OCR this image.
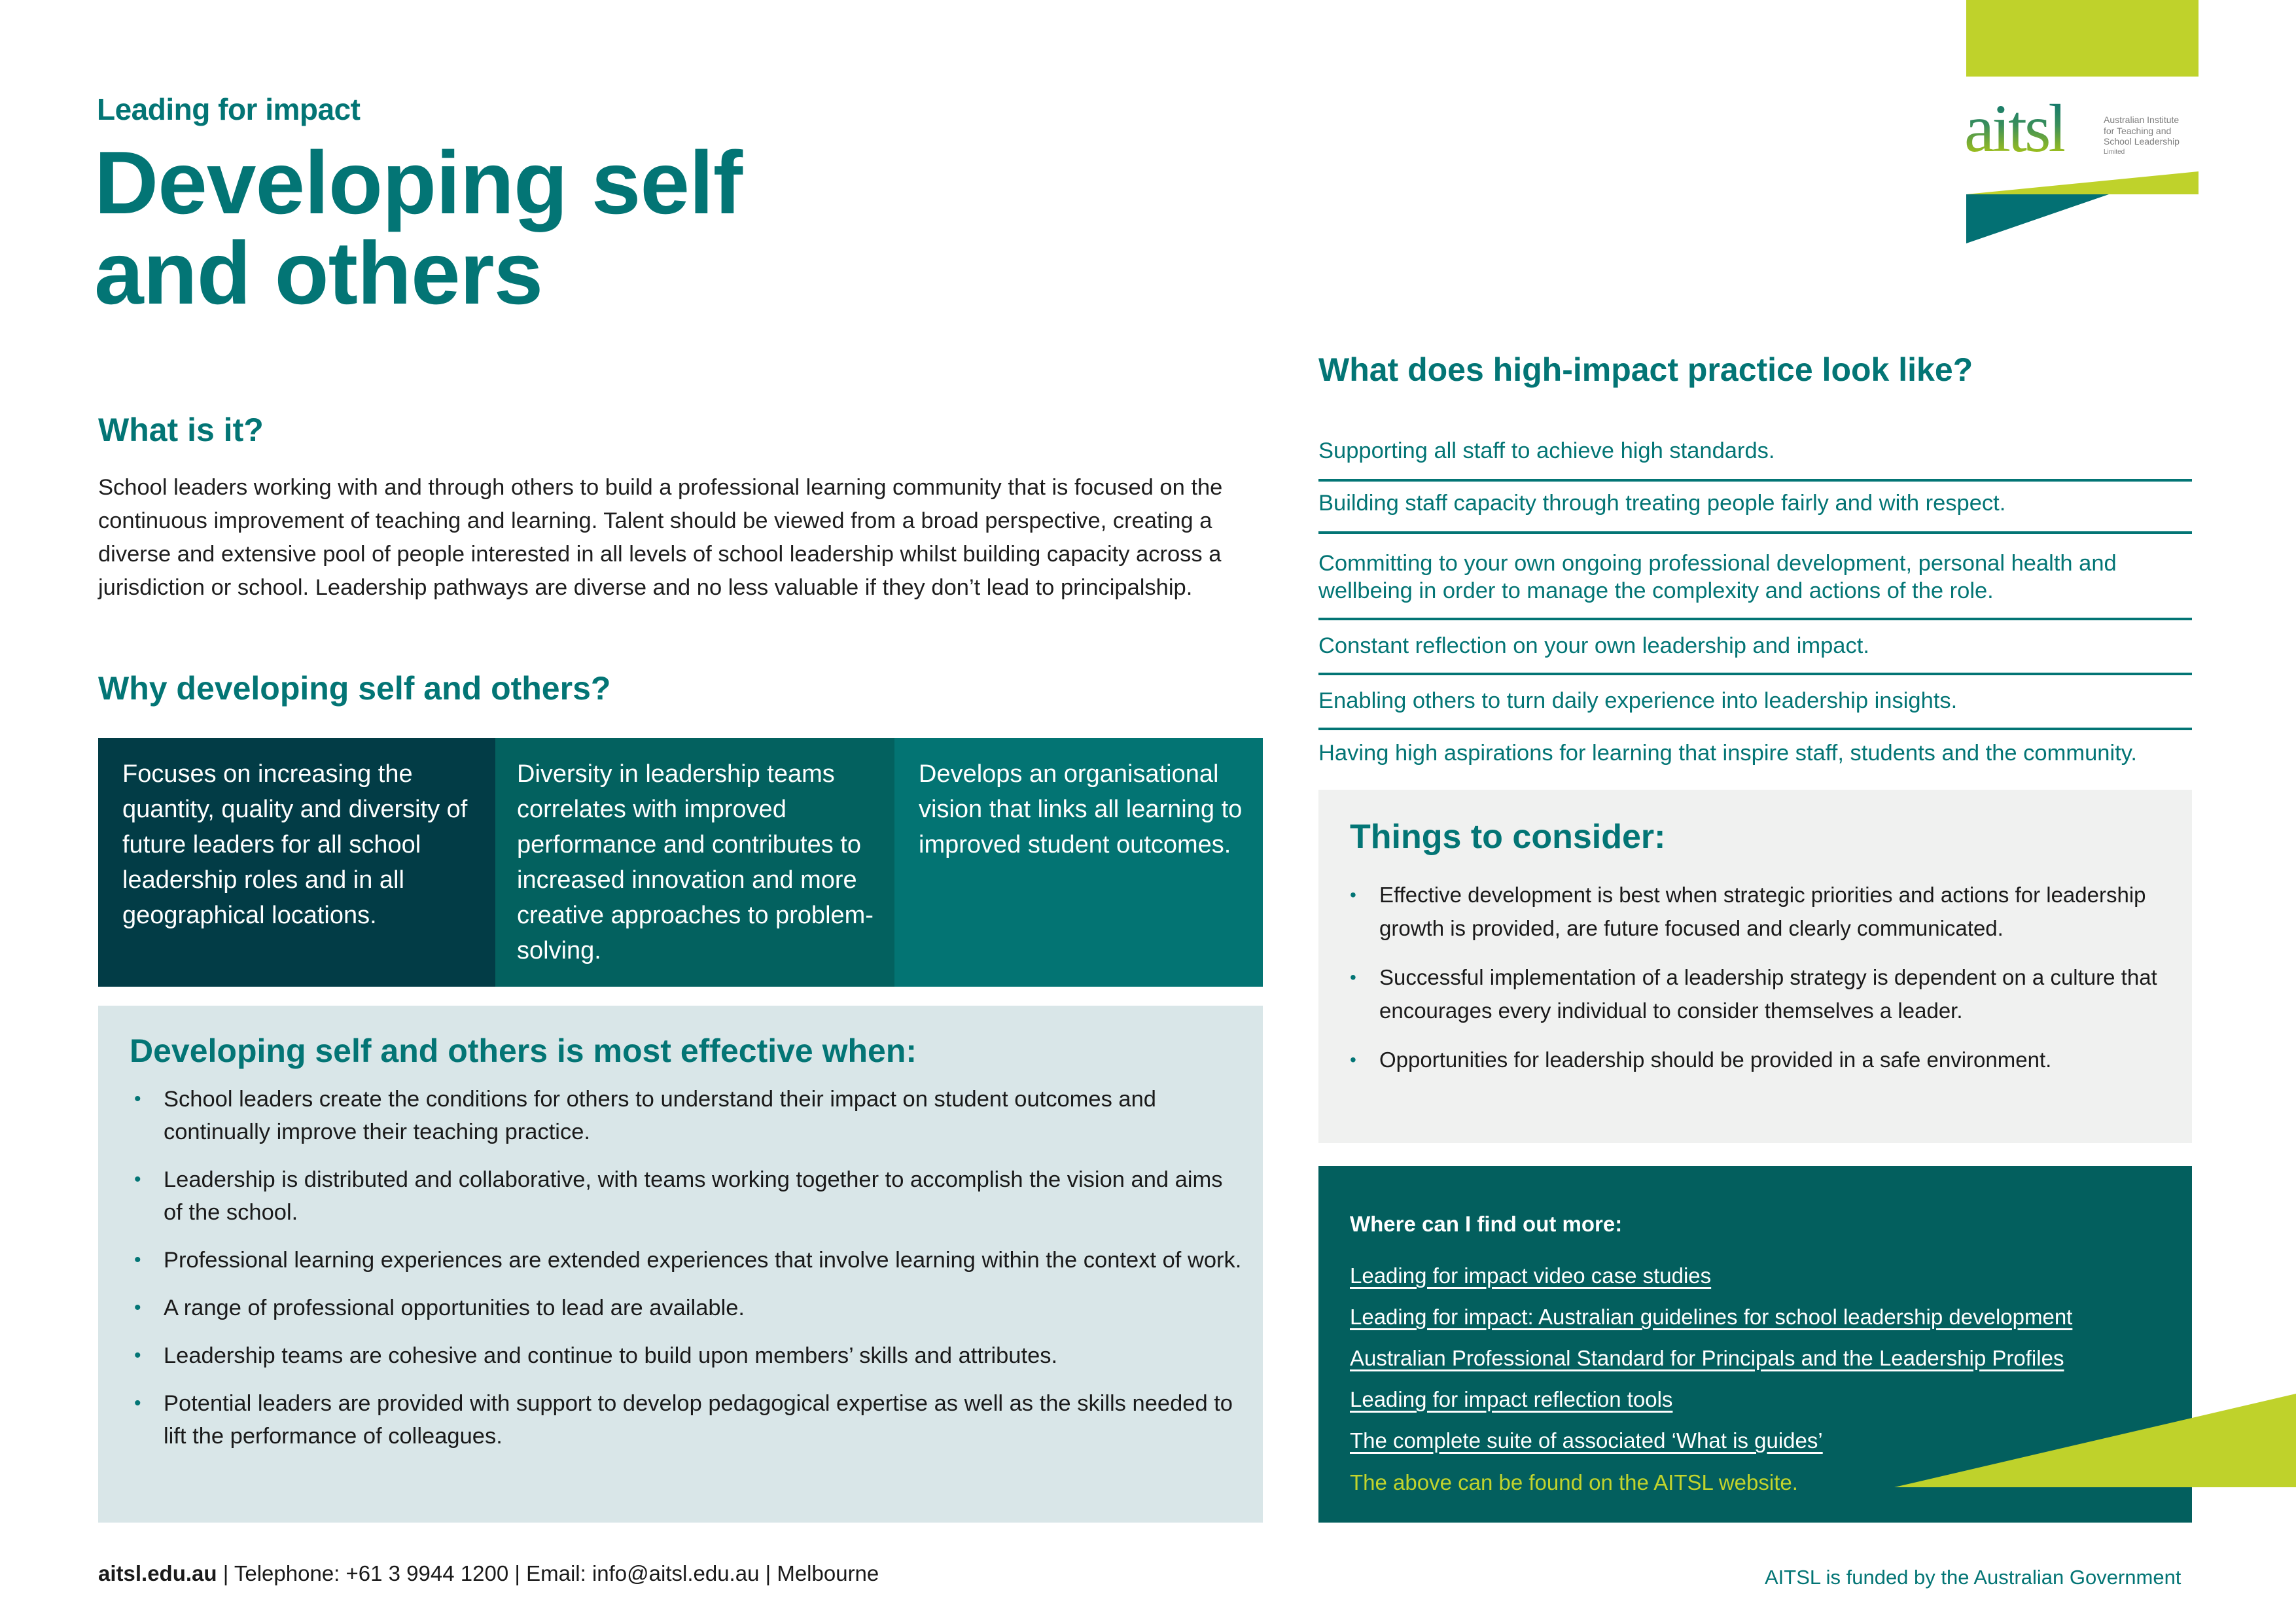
Leading for impact
Developing self
and others
aitsl	Australian Institute
for Teaching and
School Leadership
Limited
What is it?

School leaders working with and through others to build a professional learning community that is focused on the continuous improvement of teaching and learning. Talent should be viewed from a broad perspective, creating a diverse and extensive pool of people interested in all levels of school leadership whilst building capacity across a jurisdiction or school. Leadership pathways are diverse and no less valuable if they don’t lead to principalship.

Why developing self and others?
Focuses on increasing the quantity, quality and diversity of future leaders for all school leadership roles and in all geographical locations.
Diversity in leadership teams correlates with improved performance and contributes to increased innovation and more creative approaches to problem-solving.
Develops an organisational vision that links all learning to improved student outcomes.
Developing self and others is most effective when:
• School leaders create the conditions for others to understand their impact on student outcomes and continually improve their teaching practice.
• Leadership is distributed and collaborative, with teams working together to accomplish the vision and aims of the school.
• Professional learning experiences are extended experiences that involve learning within the context of work.
• A range of professional opportunities to lead are available.
• Leadership teams are cohesive and continue to build upon members’ skills and attributes.
• Potential leaders are provided with support to develop pedagogical expertise as well as the skills needed to lift the performance of colleagues.
What does high-impact practice look like?
Supporting all staff to achieve high standards.
Building staff capacity through treating people fairly and with respect.
Committing to your own ongoing professional development, personal health and wellbeing in order to manage the complexity and actions of the role.
Constant reflection on your own leadership and impact.
Enabling others to turn daily experience into leadership insights.
Having high aspirations for learning that inspire staff, students and the community.
Things to consider:
• Effective development is best when strategic priorities and actions for leadership growth is provided, are future focused and clearly communicated.
• Successful implementation of a leadership strategy is dependent on a culture that encourages every individual to consider themselves a leader.
• Opportunities for leadership should be provided in a safe environment.
Where can I find out more:
Leading for impact video case studies
Leading for impact: Australian guidelines for school leadership development
Australian Professional Standard for Principals and the Leadership Profiles
Leading for impact reflection tools
The complete suite of associated ‘What is guides’
The above can be found on the AITSL website.
aitsl.edu.au | Telephone: +61 3 9944 1200 | Email: info@aitsl.edu.au | Melbourne	AITSL is funded by the Australian Government
